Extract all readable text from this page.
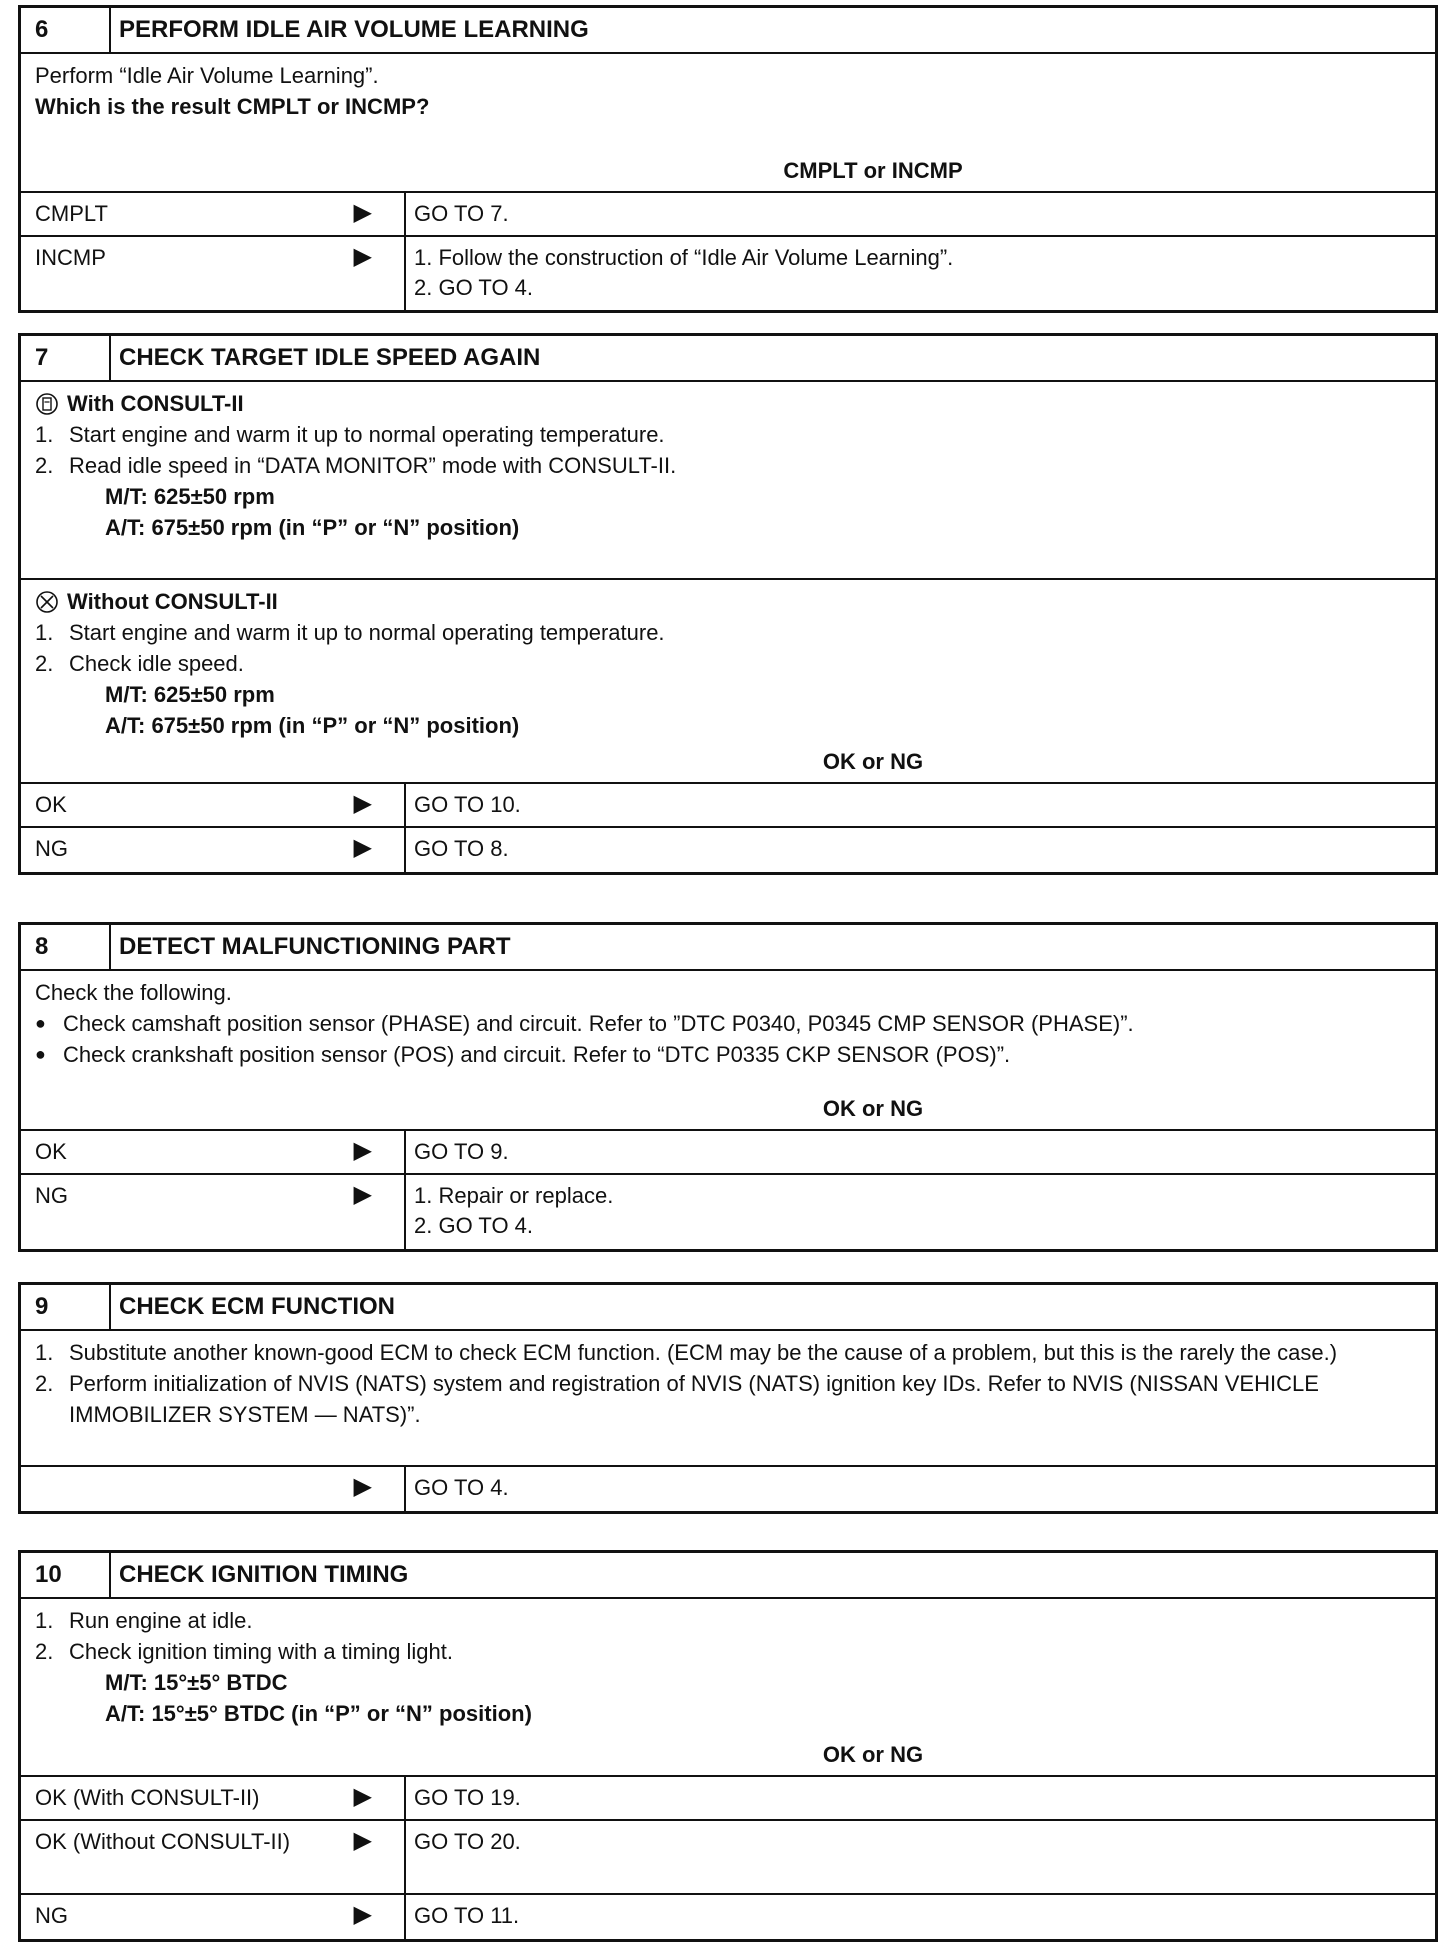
6	PERFORM IDLE AIR VOLUME LEARNING
Perform “Idle Air Volume Learning”.
Which is the result CMPLT or INCMP?
CMPLT or INCMP
CMPLT	▶	GO TO 7.
INCMP	▶ 1. Follow the construction of “Idle Air Volume Learning”.
2. GO TO 4.
7	CHECK TARGET IDLE SPEED AGAIN
With CONSULT-II
1. Start engine and warm it up to normal operating temperature.
2. Read idle speed in “DATA MONITOR” mode with CONSULT-II.
M/T: 625±50 rpm
A/T: 675±50 rpm (in “P” or “N” position)
Without CONSULT-II
1. Start engine and warm it up to normal operating temperature.
2. Check idle speed.
M/T: 625±50 rpm
A/T: 675±50 rpm (in “P” or “N” position)
OK or NG
OK	▶	GO TO 10.
NG	▶	GO TO 8.
8	DETECT MALFUNCTIONING PART
Check the following.
● Check camshaft position sensor (PHASE) and circuit. Refer to ”DTC P0340, P0345 CMP SENSOR (PHASE)”.
● Check crankshaft position sensor (POS) and circuit. Refer to “DTC P0335 CKP SENSOR (POS)”.
OK or NG
OK	▶	GO TO 9.
NG	▶ 1. Repair or replace.
2. GO TO 4.
9	CHECK ECM FUNCTION
1. Substitute another known-good ECM to check ECM function. (ECM may be the cause of a problem, but this is the rarely the case.)
2. Perform initialization of NVIS (NATS) system and registration of NVIS (NATS) ignition key IDs. Refer to NVIS (NISSAN VEHICLE IMMOBILIZER SYSTEM — NATS)”.
▶	GO TO 4.
10	CHECK IGNITION TIMING
1. Run engine at idle.
2. Check ignition timing with a timing light.
M/T: 15°±5° BTDC
A/T: 15°±5° BTDC (in “P” or “N” position)
OK or NG
OK (With CONSULT-II)	▶	GO TO 19.
OK (Without CONSULT-II)	▶	GO TO 20.
NG	▶	GO TO 11.
